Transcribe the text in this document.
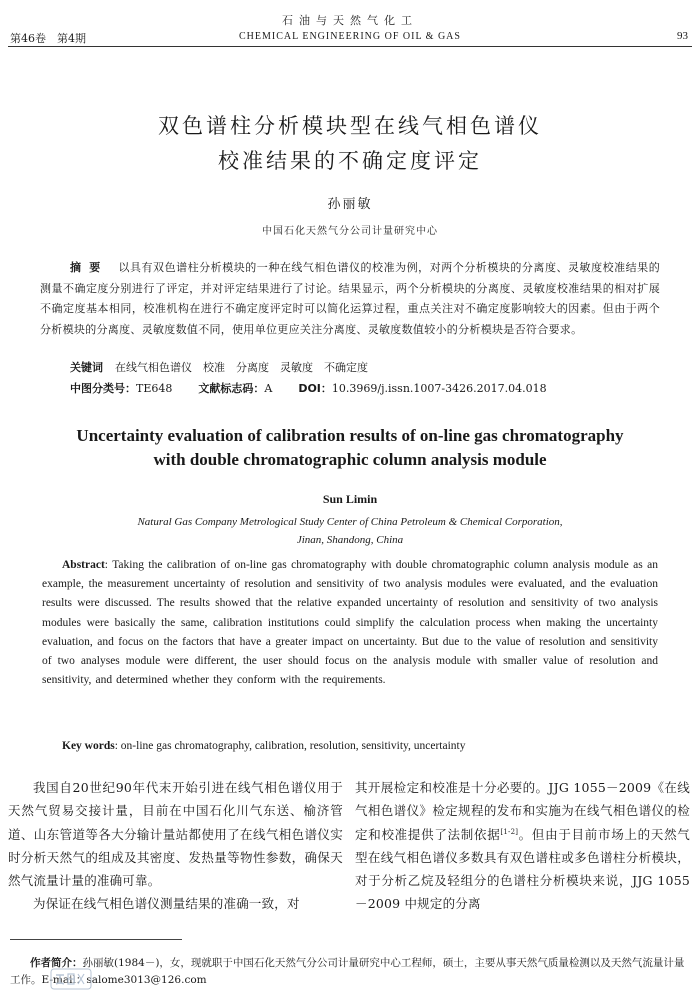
石油与天然气化工
第46卷　第4期	CHEMICAL ENGINEERING OF OIL & GAS	93
双色谱柱分析模块型在线气相色谱仪
校准结果的不确定度评定
孙丽敏
中国石化天然气分公司计量研究中心
摘要 以具有双色谱柱分析模块的一种在线气相色谱仪的校准为例，对两个分析模块的分离度、灵敏度校准结果的测量不确定度分别进行了评定，并对评定结果进行了讨论。结果显示，两个分析模块的分离度、灵敏度校准结果的相对扩展不确定度基本相同，校准机构在进行不确定度评定时可以简化运算过程，重点关注对不确定度影响较大的因素。但由于两个分析模块的分离度、灵敏度数值不同，使用单位更应关注分离度、灵敏度数值较小的分析模块是否符合要求。
关键词 在线气相色谱仪　校准　分离度　灵敏度　不确定度
中图分类号：TE648 文献标志码：A DOI：10.3969/j.issn.1007-3426.2017.04.018
Uncertainty evaluation of calibration results of on-line gas chromatography
with double chromatographic column analysis module
Sun Limin
Natural Gas Company Metrological Study Center of China Petroleum & Chemical Corporation,
Jinan, Shandong, China
Abstract: Taking the calibration of on-line gas chromatography with double chromatographic column analysis module as an example, the measurement uncertainty of resolution and sensitivity of two analysis modules were evaluated, and the evaluation results were discussed. The results showed that the relative expanded uncertainty of resolution and sensitivity of two analysis modules were basically the same, calibration institutions could simplify the calculation process when making the uncertainty evaluation, and focus on the factors that have a greater impact on uncertainty. But due to the value of resolution and sensitivity of two analyses module were different, the user should focus on the analysis module with smaller value of resolution and sensitivity, and determined whether they conform with the requirements.
Key words: on-line gas chromatography, calibration, resolution, sensitivity, uncertainty

我国自20世纪90年代末开始引进在线气相色谱仪用于天然气贸易交接计量，目前在中国石化川气东送、榆济管道、山东管道等各大分输计量站都使用了在线气相色谱仪实时分析天然气的组成及其密度、发热量等物性参数，确保天然气流量计量的准确可靠。

为保证在线气相色谱仪测量结果的准确一致，对

其开展检定和校准是十分必要的。JJG 1055－2009《在线气相色谱仪》检定规程的发布和实施为在线气相色谱仪的检定和校准提供了法制依据[1-2]。但由于目前市场上的天然气型在线气相色谱仪多数具有双色谱柱或多色谱柱分析模块，对于分析乙烷及轻组分的色谱柱分析模块来说，JJG 1055－2009 中规定的分离

作者简介：孙丽敏(1984－)，女，现就职于中国石化天然气分公司计量研究中心工程师，硕士，主要从事天然气质量检测以及天然气流量计量工作。E-mail：salome3013@126.com
